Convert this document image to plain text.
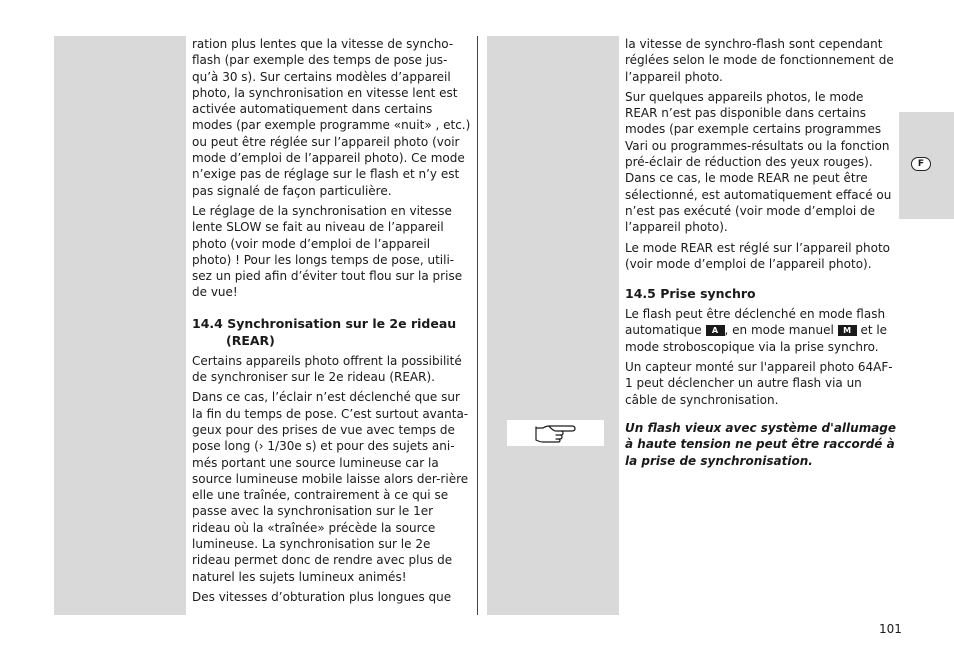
F

ration plus lentes que la vitesse de syncho-flash (par exemple des temps de pose jus-qu’à 30 s). Sur certains modèles d’appareil photo, la synchronisation en vitesse lent est activée automatiquement dans certains modes (par exemple programme «nuit» , etc.) ou peut être réglée sur l’appareil photo (voir mode d’emploi de l’appareil photo). Ce mode n’exige pas de réglage sur le flash et n’y est pas signalé de façon particulière.

Le réglage de la synchronisation en vitesse lente SLOW se fait au niveau de l’appareil photo (voir mode d’emploi de l’appareil photo) ! Pour les longs temps de pose, utili-sez un pied afin d’éviter tout flou sur la prise de vue!

14.4 Synchronisation sur le 2e rideau
(REAR)

Certains appareils photo offrent la possibilité de synchroniser sur le 2e rideau (REAR).

Dans ce cas, l’éclair n’est déclenché que sur la fin du temps de pose. C’est surtout avanta-geux pour des prises de vue avec temps de pose long (› 1/30e s) et pour des sujets ani-més portant une source lumineuse car la source lumineuse mobile laisse alors der-rière elle une traînée, contrairement à ce qui se passe avec la synchronisation sur le 1er rideau où la «traînée» précède la source lumineuse. La synchronisation sur le 2e rideau permet donc de rendre avec plus de naturel les sujets lumineux animés!

Des vitesses d’obturation plus longues que

la vitesse de synchro-flash sont cependant réglées selon le mode de fonctionnement de l’appareil photo.

Sur quelques appareils photos, le mode REAR n’est pas disponible dans certains modes (par exemple certains programmes Vari ou programmes-résultats ou la fonction pré-éclair de réduction des yeux rouges). Dans ce cas, le mode REAR ne peut être sélectionné, est automatiquement effacé ou n’est pas exécuté (voir mode d’emploi de l’appareil photo).

Le mode REAR est réglé sur l’appareil photo (voir mode d’emploi de l’appareil photo).

14.5 Prise synchro

Le flash peut être déclenché en mode flash automatique A , en mode manuel M et le mode stroboscopique via la prise synchro.

Un capteur monté sur l'appareil photo 64AF-1 peut déclencher un autre flash via un câble de synchronisation.

Un flash vieux avec système d'allumage à haute tension ne peut être raccordé à la prise de synchronisation.

101
